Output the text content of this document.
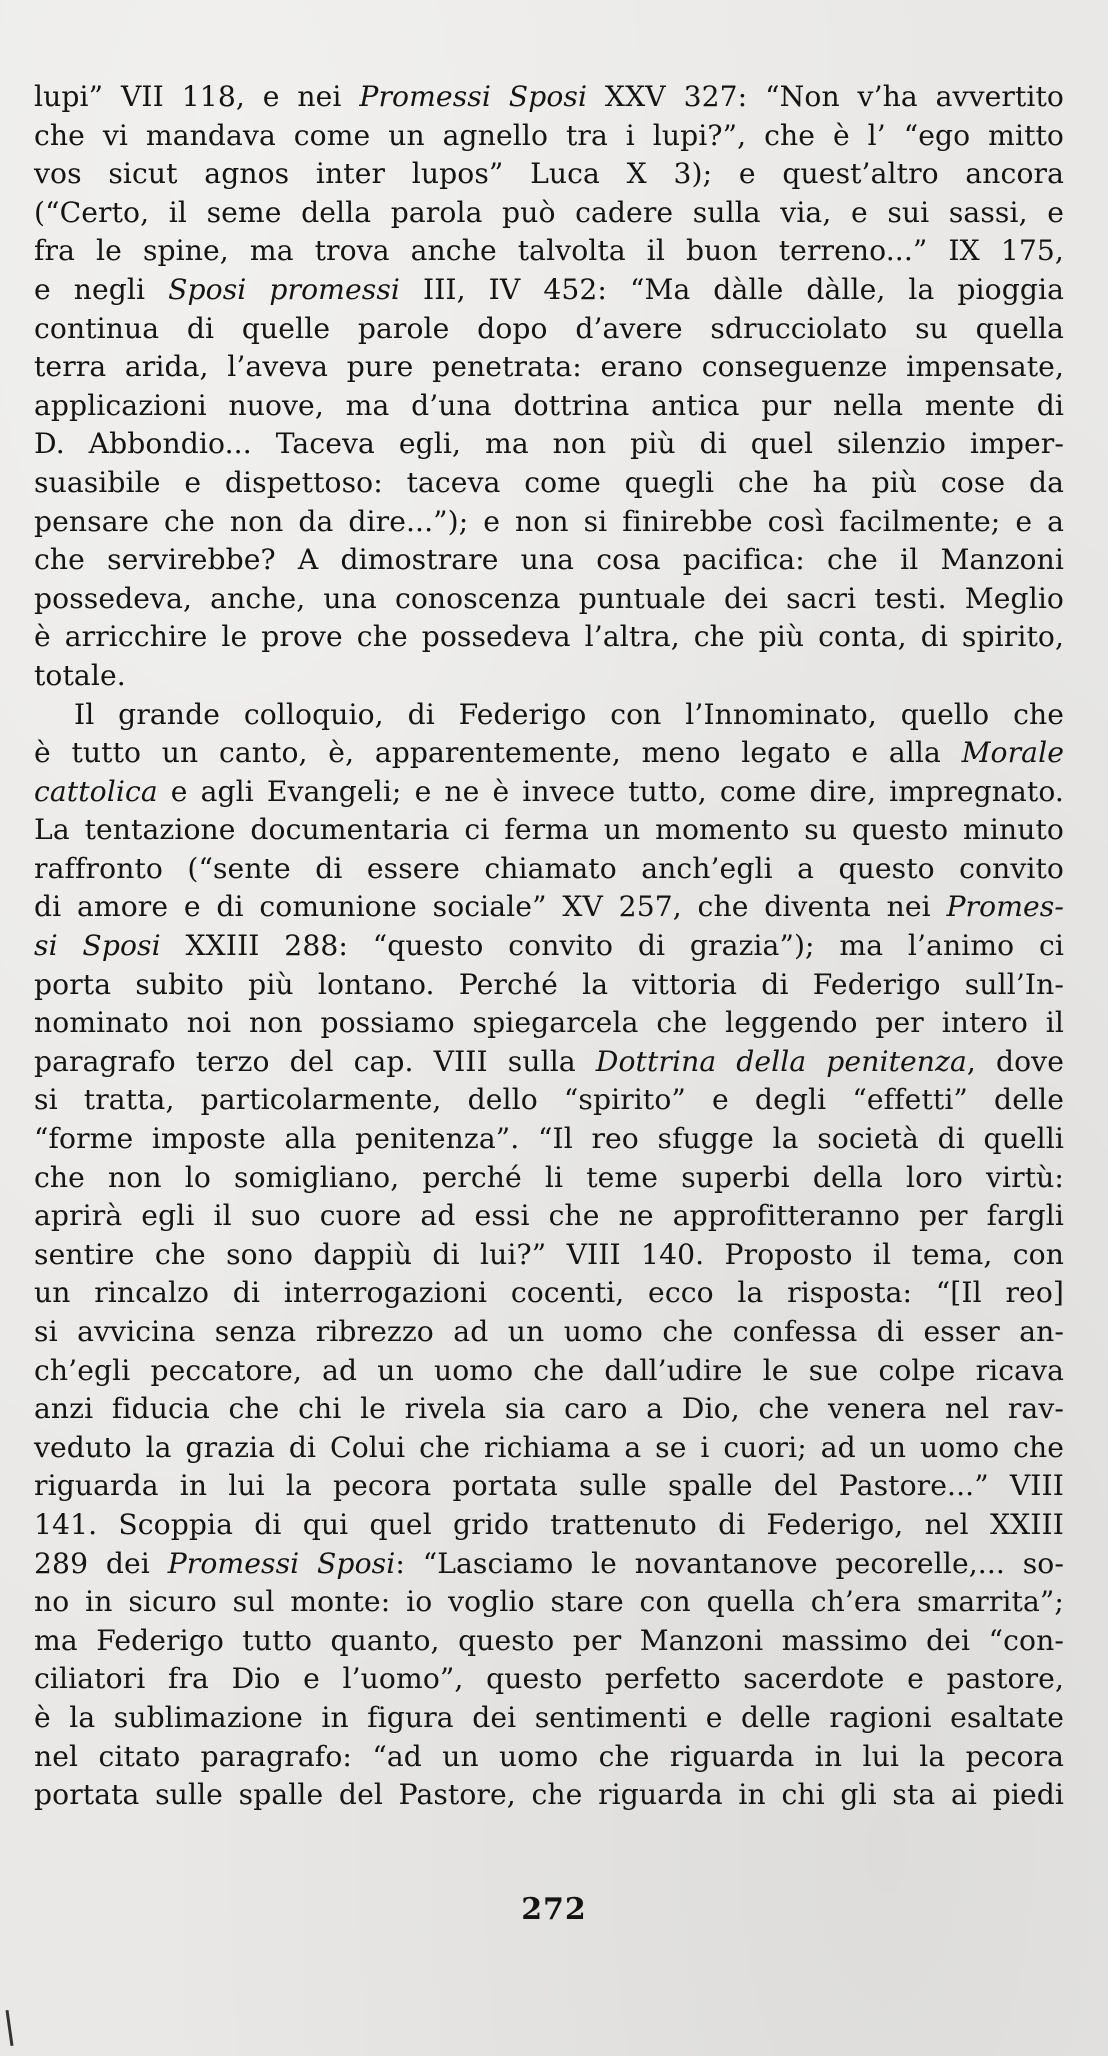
lupi” VII 118, e nei Promessi Sposi XXV 327: “Non v’ha avvertito
che vi mandava come un agnello tra i lupi?”, che è l’ “ego mitto
vos sicut agnos inter lupos” Luca X 3); e quest’altro ancora
(“Certo, il seme della parola può cadere sulla via, e sui sassi, e
fra le spine, ma trova anche talvolta il buon terreno...” IX 175,
e negli Sposi promessi III, IV 452: “Ma dàlle dàlle, la pioggia
continua di quelle parole dopo d’avere sdrucciolato su quella
terra arida, l’aveva pure penetrata: erano conseguenze impensate,
applicazioni nuove, ma d’una dottrina antica pur nella mente di
D. Abbondio... Taceva egli, ma non più di quel silenzio imper-
suasibile e dispettoso: taceva come quegli che ha più cose da
pensare che non da dire...”); e non si finirebbe così facilmente; e a
che servirebbe? A dimostrare una cosa pacifica: che il Manzoni
possedeva, anche, una conoscenza puntuale dei sacri testi. Meglio
è arricchire le prove che possedeva l’altra, che più conta, di spirito,
totale.
Il grande colloquio, di Federigo con l’Innominato, quello che
è tutto un canto, è, apparentemente, meno legato e alla Morale
cattolica e agli Evangeli; e ne è invece tutto, come dire, impregnato.
La tentazione documentaria ci ferma un momento su questo minuto
raffronto (“sente di essere chiamato anch’egli a questo convito
di amore e di comunione sociale” XV 257, che diventa nei Promes-
si Sposi XXIII 288: “questo convito di grazia”); ma l’animo ci
porta subito più lontano. Perché la vittoria di Federigo sull’In-
nominato noi non possiamo spiegarcela che leggendo per intero il
paragrafo terzo del cap. VIII sulla Dottrina della penitenza, dove
si tratta, particolarmente, dello “spirito” e degli “effetti” delle
“forme imposte alla penitenza”. “Il reo sfugge la società di quelli
che non lo somigliano, perché li teme superbi della loro virtù:
aprirà egli il suo cuore ad essi che ne approfitteranno per fargli
sentire che sono dappiù di lui?” VIII 140. Proposto il tema, con
un rincalzo di interrogazioni cocenti, ecco la risposta: “[Il reo]
si avvicina senza ribrezzo ad un uomo che confessa di esser an-
ch’egli peccatore, ad un uomo che dall’udire le sue colpe ricava
anzi fiducia che chi le rivela sia caro a Dio, che venera nel rav-
veduto la grazia di Colui che richiama a se i cuori; ad un uomo che
riguarda in lui la pecora portata sulle spalle del Pastore...” VIII
141. Scoppia di qui quel grido trattenuto di Federigo, nel XXIII
289 dei Promessi Sposi: “Lasciamo le novantanove pecorelle,... so-
no in sicuro sul monte: io voglio stare con quella ch’era smarrita”;
ma Federigo tutto quanto, questo per Manzoni massimo dei “con-
ciliatori fra Dio e l’uomo”, questo perfetto sacerdote e pastore,
è la sublimazione in figura dei sentimenti e delle ragioni esaltate
nel citato paragrafo: “ad un uomo che riguarda in lui la pecora
portata sulle spalle del Pastore, che riguarda in chi gli sta ai piedi
272
